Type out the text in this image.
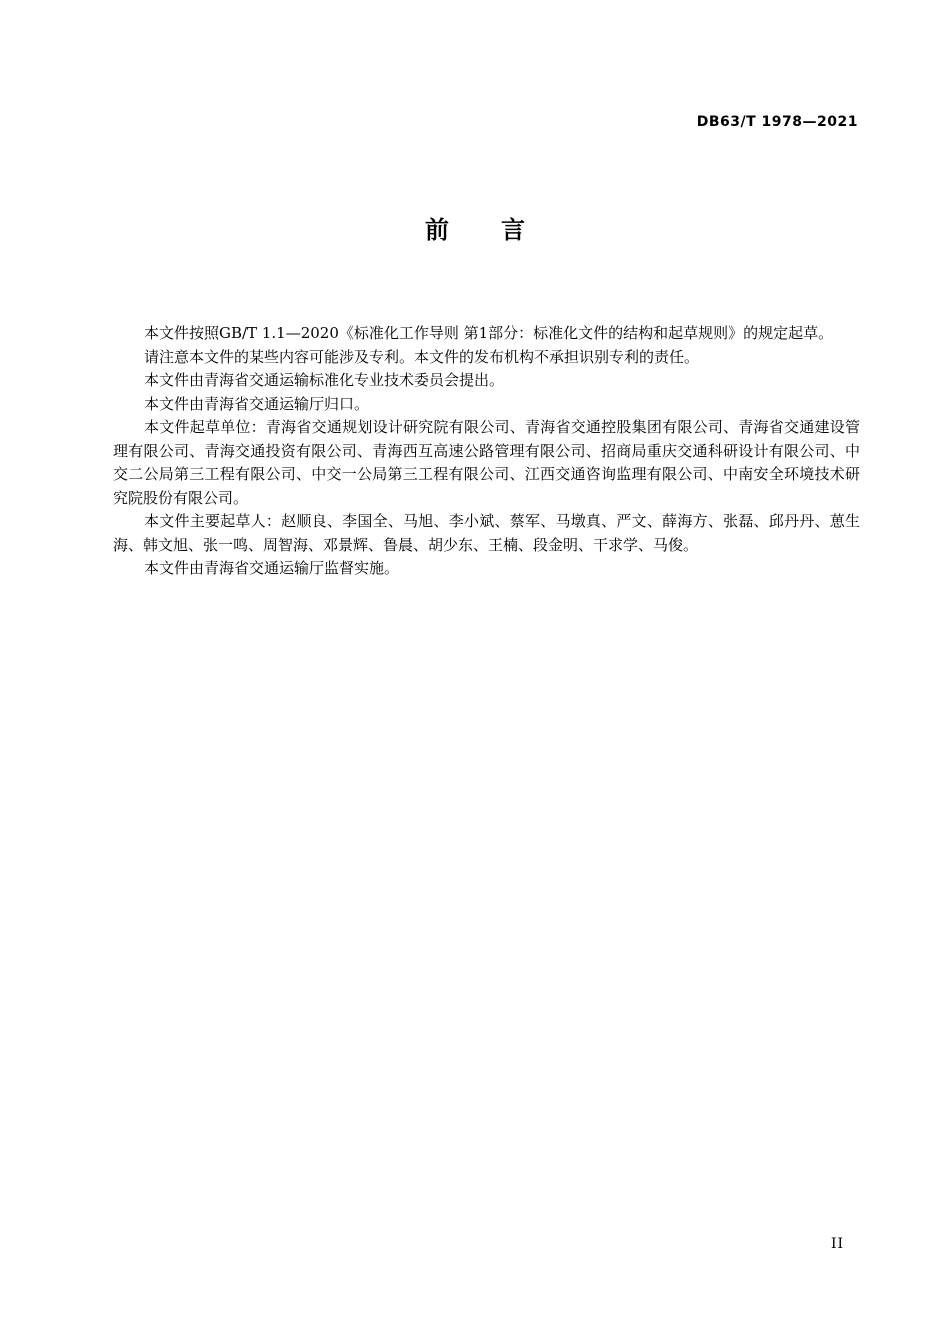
DB63/T 1978—2021
前言

本文件按照GB/T 1.1—2020《标准化工作导则 第1部分：标准化文件的结构和起草规则》的规定起草。

请注意本文件的某些内容可能涉及专利。本文件的发布机构不承担识别专利的责任。

本文件由青海省交通运输标准化专业技术委员会提出。

本文件由青海省交通运输厅归口。

本文件起草单位：青海省交通规划设计研究院有限公司、青海省交通控股集团有限公司、青海省交通建设管理有限公司、青海交通投资有限公司、青海西互高速公路管理有限公司、招商局重庆交通科研设计有限公司、中交二公局第三工程有限公司、中交一公局第三工程有限公司、江西交通咨询监理有限公司、中南安全环境技术研究院股份有限公司。

本文件主要起草人：赵顺良、李国全、马旭、李小斌、蔡军、马墩真、严文、薛海方、张磊、邱丹丹、葸生海、韩文旭、张一鸣、周智海、邓景辉、鲁晨、胡少东、王楠、段金明、干求学、马俊。

本文件由青海省交通运输厅监督实施。

II
